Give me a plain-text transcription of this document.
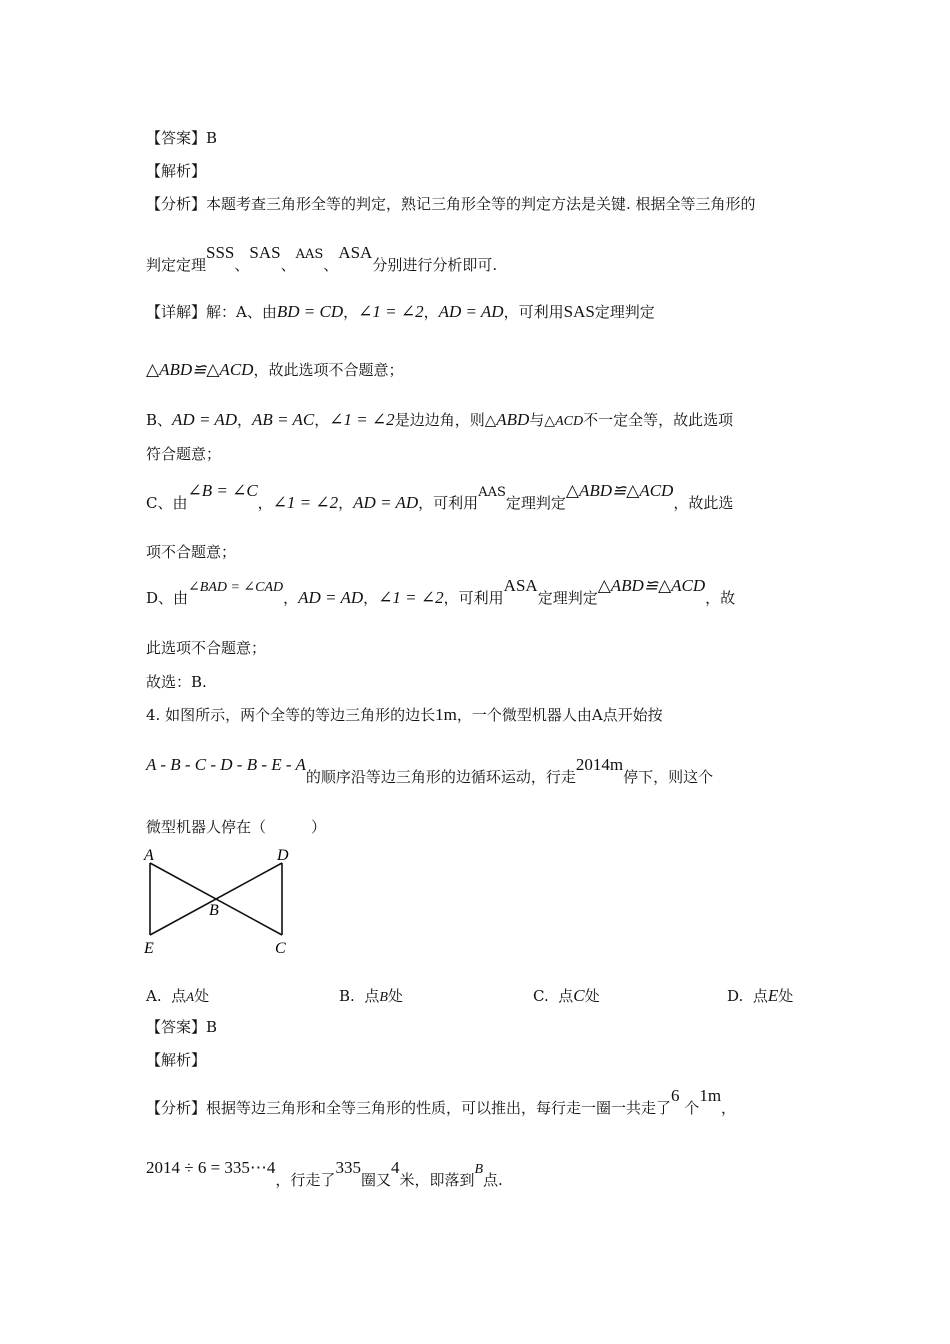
【答案】B
【解析】
【分析】本题考查三角形全等的判定，熟记三角形全等的判定方法是关键. 根据全等三角形的
判定定理SSS、SAS、AAS、ASA分别进行分析即可.
【详解】解：A、由BD = CD，∠1 = ∠2，AD = AD，可利用SAS定理判定
△ABD≌△ACD，故此选项不合题意；
B、AD = AD，AB = AC，∠1 = ∠2是边边角，则△ABD与△ACD不一定全等，故此选项
符合题意；
C、由∠B = ∠C，∠1 = ∠2，AD = AD，可利用AAS定理判定△ABD≌△ACD，故此选
项不合题意；
D、由∠BAD = ∠CAD，AD = AD，∠1 = ∠2，可利用ASA定理判定△ABD≌△ACD，故
此选项不合题意；
故选：B.
4. 如图所示，两个全等的等边三角形的边长1m，一个微型机器人由A点开始按
A - B - C - D - B - E - A的顺序沿等边三角形的边循环运动，行走2014m停下，则这个
微型机器人停在（　　　）
A	D
B
E	C
A. 点A处	B. 点B处	C. 点C处	D. 点E处
【答案】B
【解析】
【分析】根据等边三角形和全等三角形的性质，可以推出，每行走一圈一共走了6 个1m，
2014 ÷ 6 = 335⋯4，行走了335圈又4米，即落到B点.
